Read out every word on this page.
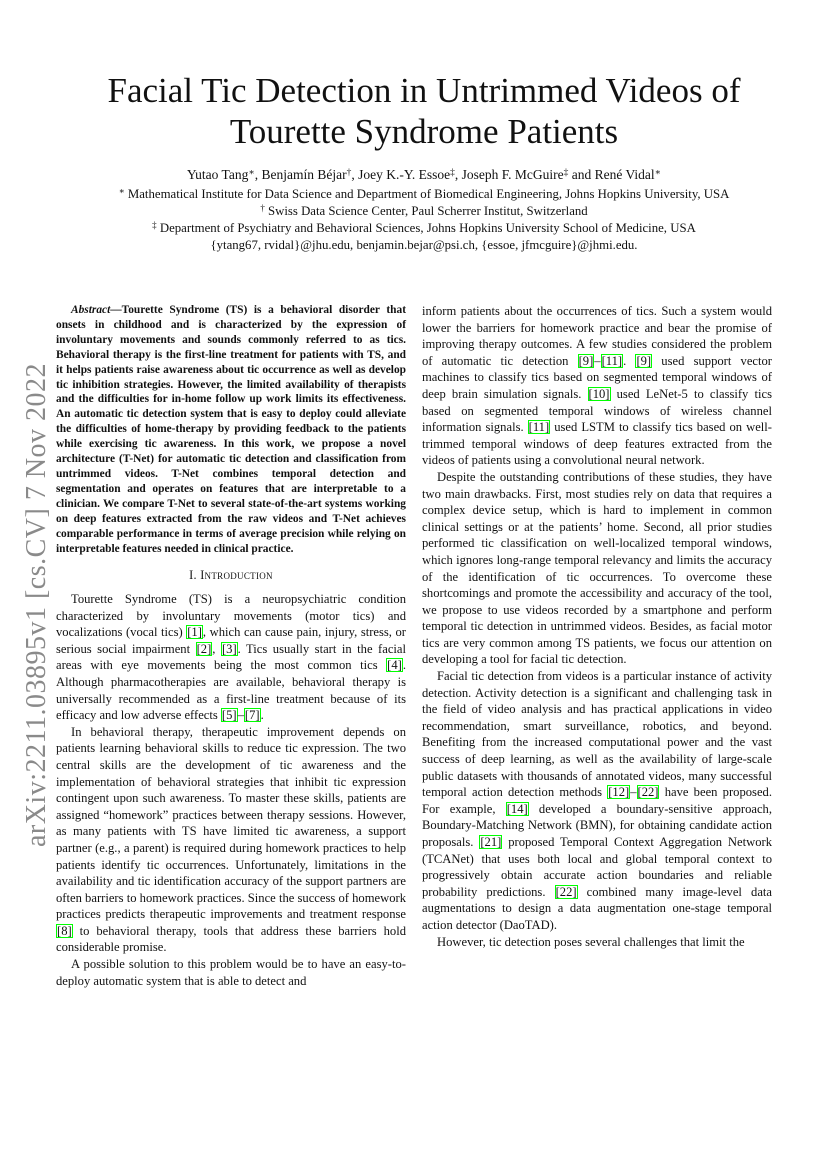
arXiv:2211.03895v1 [cs.CV] 7 Nov 2022
Facial Tic Detection in Untrimmed Videos of
Tourette Syndrome Patients
Yutao Tang∗, Benjamín Béjar†, Joey K.-Y. Essoe‡, Joseph F. McGuire‡ and René Vidal∗
∗ Mathematical Institute for Data Science and Department of Biomedical Engineering, Johns Hopkins University, USA
† Swiss Data Science Center, Paul Scherrer Institut, Switzerland
‡ Department of Psychiatry and Behavioral Sciences, Johns Hopkins University School of Medicine, USA
{ytang67, rvidal}@jhu.edu, benjamin.bejar@psi.ch, {essoe, jfmcguire}@jhmi.edu.

Abstract—Tourette Syndrome (TS) is a behavioral disorder that onsets in childhood and is characterized by the expression of involuntary movements and sounds commonly referred to as tics. Behavioral therapy is the first-line treatment for patients with TS, and it helps patients raise awareness about tic occurrence as well as develop tic inhibition strategies. However, the limited availability of therapists and the difficulties for in-home follow up work limits its effectiveness. An automatic tic detection system that is easy to deploy could alleviate the difficulties of home-therapy by providing feedback to the patients while exercising tic awareness. In this work, we propose a novel architecture (T-Net) for automatic tic detection and classification from untrimmed videos. T-Net combines temporal detection and segmentation and operates on features that are interpretable to a clinician. We compare T-Net to several state-of-the-art systems working on deep features extracted from the raw videos and T-Net achieves comparable performance in terms of average precision while relying on interpretable features needed in clinical practice.

I. Introduction

Tourette Syndrome (TS) is a neuropsychiatric condition characterized by involuntary movements (motor tics) and vocalizations (vocal tics) [1], which can cause pain, injury, stress, or serious social impairment [2], [3]. Tics usually start in the facial areas with eye movements being the most common tics [4]. Although pharmacotherapies are available, behavioral therapy is universally recommended as a first-line treatment because of its efficacy and low adverse effects [5]–[7].

In behavioral therapy, therapeutic improvement depends on patients learning behavioral skills to reduce tic expression. The two central skills are the development of tic awareness and the implementation of behavioral strategies that inhibit tic expression contingent upon such awareness. To master these skills, patients are assigned “homework” practices between therapy sessions. However, as many patients with TS have limited tic awareness, a support partner (e.g., a parent) is required during homework practices to help patients identify tic occurrences. Unfortunately, limitations in the availability and tic identification accuracy of the support partners are often barriers to homework practices. Since the success of homework practices predicts therapeutic improvements and treatment response [8] to behavioral therapy, tools that address these barriers hold considerable promise.

A possible solution to this problem would be to have an easy-to-deploy automatic system that is able to detect and

inform patients about the occurrences of tics. Such a system would lower the barriers for homework practice and bear the promise of improving therapy outcomes. A few studies considered the problem of automatic tic detection [9]–[11]. [9] used support vector machines to classify tics based on segmented temporal windows of deep brain simulation signals. [10] used LeNet-5 to classify tics based on segmented temporal windows of wireless channel information signals. [11] used LSTM to classify tics based on well-trimmed temporal windows of deep features extracted from the videos of patients using a convolutional neural network.

Despite the outstanding contributions of these studies, they have two main drawbacks. First, most studies rely on data that requires a complex device setup, which is hard to implement in common clinical settings or at the patients’ home. Second, all prior studies performed tic classification on well-localized temporal windows, which ignores long-range temporal relevancy and limits the accuracy of the identification of tic occurrences. To overcome these shortcomings and promote the accessibility and accuracy of the tool, we propose to use videos recorded by a smartphone and perform temporal tic detection in untrimmed videos. Besides, as facial motor tics are very common among TS patients, we focus our attention on developing a tool for facial tic detection.

Facial tic detection from videos is a particular instance of activity detection. Activity detection is a significant and challenging task in the field of video analysis and has practical applications in video recommendation, smart surveillance, robotics, and beyond. Benefiting from the increased computational power and the vast success of deep learning, as well as the availability of large-scale public datasets with thousands of annotated videos, many successful temporal action detection methods [12]–[22] have been proposed. For example, [14] developed a boundary-sensitive approach, Boundary-Matching Network (BMN), for obtaining candidate action proposals. [21] proposed Temporal Context Aggregation Network (TCANet) that uses both local and global temporal context to progressively obtain accurate action boundaries and reliable probability predictions. [22] combined many image-level data augmentations to design a data augmentation one-stage temporal action detector (DaoTAD).

However, tic detection poses several challenges that limit the
